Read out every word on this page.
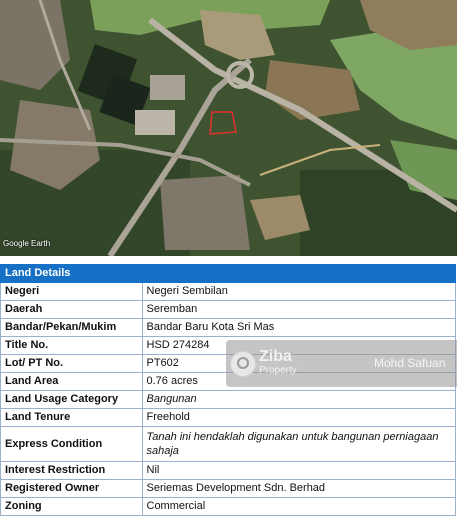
Google Earth
Land Details	
Negeri	Negeri Sembilan
Daerah	Seremban
Bandar/Pekan/Mukim	Bandar Baru Kota Sri Mas
Title No.	HSD 274284
Lot/ PT No.	PT602
Land Area	0.76 acres
Land Usage Category	Bangunan
Land Tenure	Freehold
Express Condition	Tanah ini hendaklah digunakan untuk bangunan perniagaan sahaja
Interest Restriction	Nil
Registered Owner	Seriemas Development Sdn. Berhad
Zoning	Commercial
Ziba
Property
Mohd Safuan
